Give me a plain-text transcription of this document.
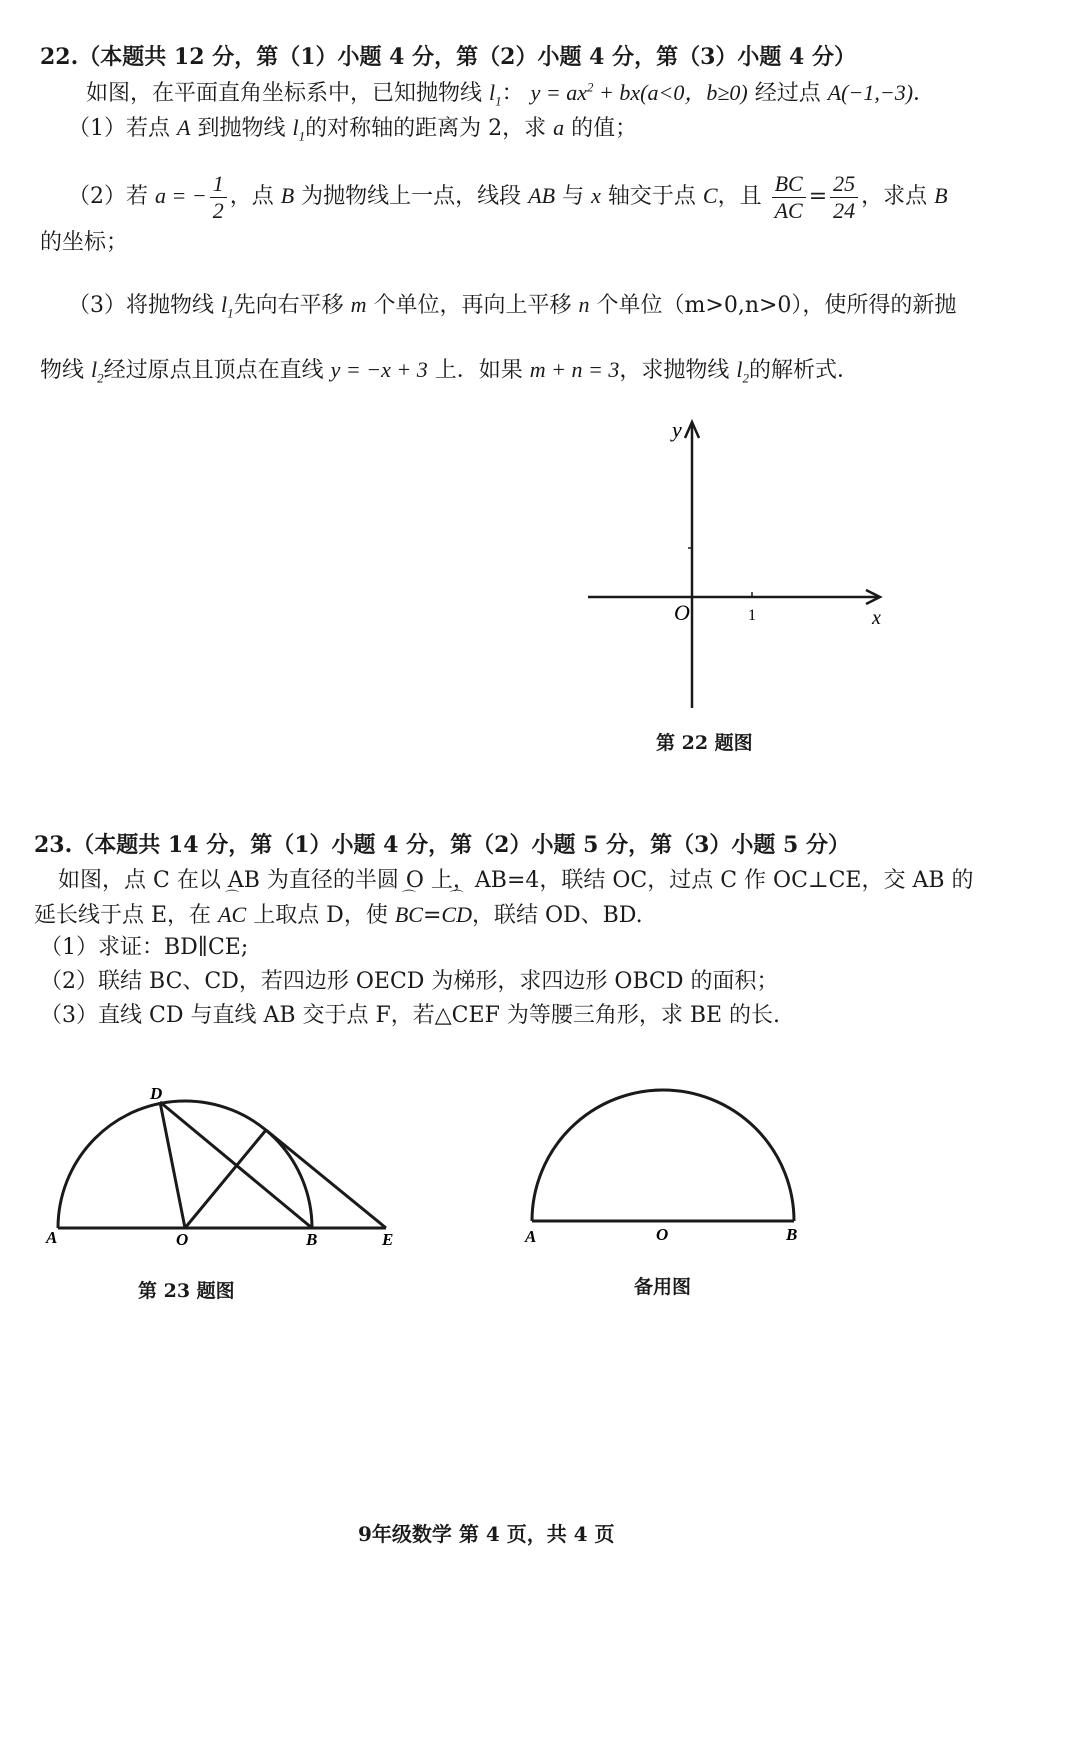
22.（本题共 12 分，第（1）小题 4 分，第（2）小题 4 分，第（3）小题 4 分）
如图，在平面直角坐标系中，已知抛物线 $l_1$： $y = ax^2 + bx(a<0$，b≥0) 经过点 A(−1,−3)．
（1）若点 A 到抛物线 $l_1$的对称轴的距离为 2，求 a 的值；
（2）若 a = − $\frac{1}{2}$ ，点 B 为抛物线上一点，线段 AB 与 x 轴交于点 C，且 $\frac{BC}{AC} = \frac{25}{24}$ ，求点 B
的坐标；
（3）将抛物线 $l_1$先向右平移 m 个单位，再向上平移 n 个单位（m>0,n>0），使所得的新抛
物线 $l_2$经过原点且顶点在直线 y = −x + 3 上．如果 m + n = 3，求抛物线 $l_2$的解析式．
y
x
O	1
第 22 题图
23.（本题共 14 分，第（1）小题 4 分，第（2）小题 5 分，第（3）小题 5 分）
如图，点 C 在以 AB 为直径的半圆 O 上，AB=4，联结 OC，过点 C 作 OC⊥CE，交 AB 的
延长线于点 E，在 ⌒ AC 上取点 D，使 ⌒ BC=⌒ CD，联结 OD、BD.
（1）求证：BD∥CE;
（2）联结 BC、CD，若四边形 OECD 为梯形，求四边形 OBCD 的面积；
（3）直线 CD 与直线 AB 交于点 F，若△CEF 为等腰三角形，求 BE 的长.
D
A	O	B	E
第 23 题图
A	O	B
备用图
9年级数学 第 4 页，共 4 页
